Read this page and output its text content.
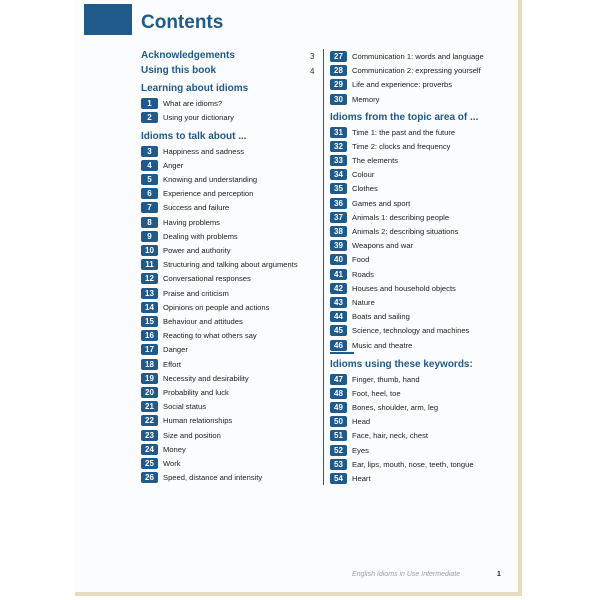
Contents
Acknowledgements	3
Using this book	4
Learning about idioms
Idioms to talk about ...
Idioms from the topic area of ...
Idioms using these keywords:
1	What are idioms?
2	Using your dictionary
3	Happiness and sadness
4	Anger
5	Knowing and understanding
6	Experience and perception
7	Success and failure
8	Having problems
9	Dealing with problems
10	Power and authority
11	Structuring and talking about arguments
12	Conversational responses
13	Praise and criticism
14	Opinions on people and actions
15	Behaviour and attitudes
16	Reacting to what others say
17	Danger
18	Effort
19	Necessity and desirability
20	Probability and luck
21	Social status
22	Human relationships
23	Size and position
24	Money
25	Work
26	Speed, distance and intensity
27	Communication 1: words and language
28	Communication 2: expressing yourself
29	Life and experience: proverbs
30	Memory
31	Time 1: the past and the future
32	Time 2: clocks and frequency
33	The elements
34	Colour
35	Clothes
36	Games and sport
37	Animals 1: describing people
38	Animals 2: describing situations
39	Weapons and war
40	Food
41	Roads
42	Houses and household objects
43	Nature
44	Boats and sailing
45	Science, technology and machines
46	Music and theatre
47	Finger, thumb, hand
48	Foot, heel, toe
49	Bones, shoulder, arm, leg
50	Head
51	Face, hair, neck, chest
52	Eyes
53	Ear, lips, mouth, nose, teeth, tongue
54	Heart
English Idioms in Use Intermediate	1
